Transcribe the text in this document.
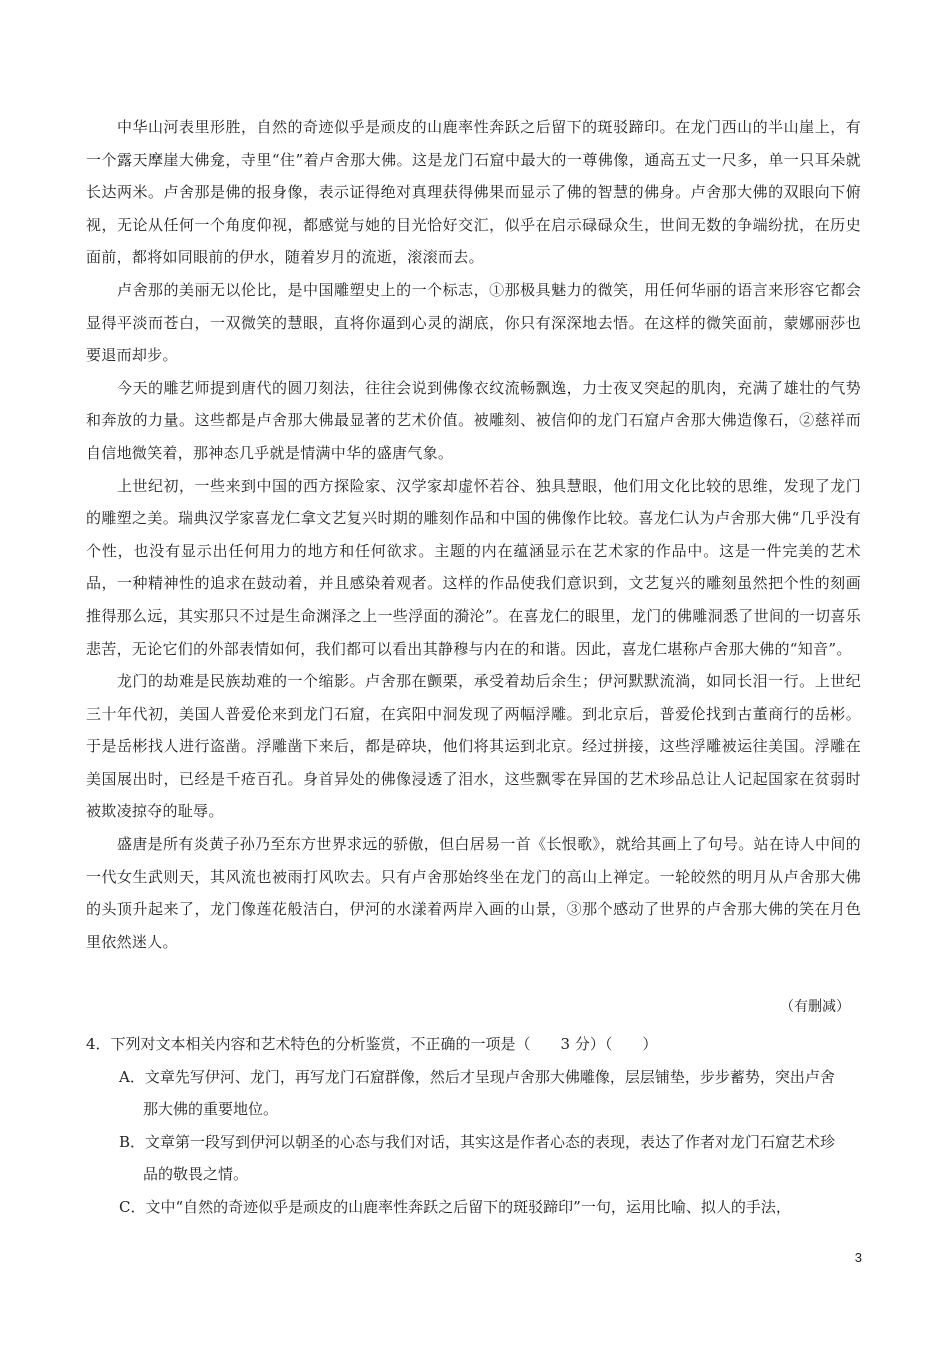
中华山河表里形胜，自然的奇迹似乎是顽皮的山鹿率性奔跃之后留下的斑驳蹄印。在龙门西山的半山崖上，有一个露天摩崖大佛龛，寺里“住”着卢舍那大佛。这是龙门石窟中最大的一尊佛像，通高五丈一尺多，单一只耳朵就长达两米。卢舍那是佛的报身像，表示证得绝对真理获得佛果而显示了佛的智慧的佛身。卢舍那大佛的双眼向下俯视，无论从任何一个角度仰视，都感觉与她的目光恰好交汇，似乎在启示碌碌众生，世间无数的争端纷扰，在历史面前，都将如同眼前的伊水，随着岁月的流逝，滚滚而去。

卢舍那的美丽无以伦比，是中国雕塑史上的一个标志，①那极具魅力的微笑，用任何华丽的语言来形容它都会显得平淡而苍白，一双微笑的慧眼，直将你逼到心灵的湖底，你只有深深地去悟。在这样的微笑面前，蒙娜丽莎也要退而却步。

今天的雕艺师提到唐代的圆刀刻法，往往会说到佛像衣纹流畅飘逸，力士夜叉突起的肌肉，充满了雄壮的气势和奔放的力量。这些都是卢舍那大佛最显著的艺术价值。被雕刻、被信仰的龙门石窟卢舍那大佛造像石，②慈祥而自信地微笑着，那神态几乎就是情满中华的盛唐气象。

上世纪初，一些来到中国的西方探险家、汉学家却虚怀若谷、独具慧眼，他们用文化比较的思维，发现了龙门的雕塑之美。瑞典汉学家喜龙仁拿文艺复兴时期的雕刻作品和中国的佛像作比较。喜龙仁认为卢舍那大佛“几乎没有个性，也没有显示出任何用力的地方和任何欲求。主题的内在蕴涵显示在艺术家的作品中。这是一件完美的艺术品，一种精神性的追求在鼓动着，并且感染着观者。这样的作品使我们意识到，文艺复兴的雕刻虽然把个性的刻画推得那么远，其实那只不过是生命渊泽之上一些浮面的漪沦”。在喜龙仁的眼里，龙门的佛雕洞悉了世间的一切喜乐悲苦，无论它们的外部表情如何，我们都可以看出其静穆与内在的和谐。因此，喜龙仁堪称卢舍那大佛的“知音”。

龙门的劫难是民族劫难的一个缩影。卢舍那在颤栗，承受着劫后余生；伊河默默流淌，如同长泪一行。上世纪三十年代初，美国人普爱伦来到龙门石窟，在宾阳中洞发现了两幅浮雕。到北京后，普爱伦找到古董商行的岳彬。于是岳彬找人进行盗凿。浮雕凿下来后，都是碎块，他们将其运到北京。经过拼接，这些浮雕被运往美国。浮雕在美国展出时，已经是千疮百孔。身首异处的佛像浸透了泪水，这些飘零在异国的艺术珍品总让人记起国家在贫弱时被欺凌掠夺的耻辱。

盛唐是所有炎黄子孙乃至东方世界求远的骄傲，但白居易一首《长恨歌》，就给其画上了句号。站在诗人中间的一代女生武则天，其风流也被雨打风吹去。只有卢舍那始终坐在龙门的高山上禅定。一轮皎然的明月从卢舍那大佛的头顶升起来了，龙门像莲花般洁白，伊河的水漾着两岸入画的山景，③那个感动了世界的卢舍那大佛的笑在月色里依然迷人。

（有删减）

4．下列对文本相关内容和艺术特色的分析鉴赏，不正确的一项是（　　3 分）（　　）

A．文章先写伊河、龙门，再写龙门石窟群像，然后才呈现卢舍那大佛雕像，层层铺垫，步步蓄势，突出卢舍那大佛的重要地位。

B．文章第一段写到伊河以朝圣的心态与我们对话，其实这是作者心态的表现，表达了作者对龙门石窟艺术珍品的敬畏之情。

C．文中“自然的奇迹似乎是顽皮的山鹿率性奔跃之后留下的斑驳蹄印”一句，运用比喻、拟人的手法，

3
